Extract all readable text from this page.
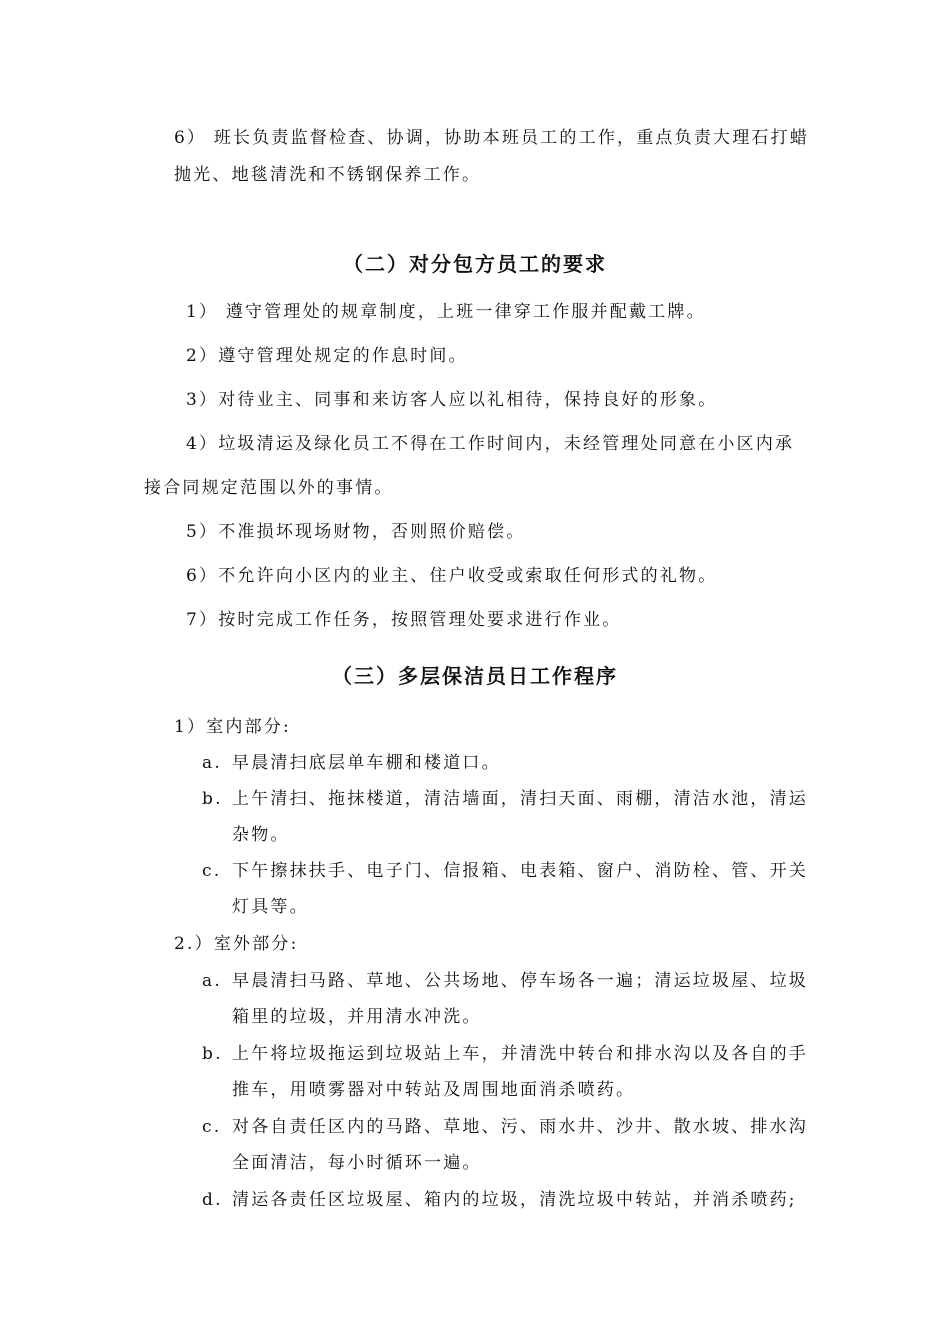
6） 班长负责监督检查、协调，协助本班员工的工作，重点负责大理石打蜡
抛光、地毯清洗和不锈钢保养工作。
（二）对分包方员工的要求
1） 遵守管理处的规章制度，上班一律穿工作服并配戴工牌。
2）遵守管理处规定的作息时间。
3）对待业主、同事和来访客人应以礼相待，保持良好的形象。
4）垃圾清运及绿化员工不得在工作时间内，未经管理处同意在小区内承
接合同规定范围以外的事情。
5）不准损坏现场财物，否则照价赔偿。
6）不允许向小区内的业主、住户收受或索取任何形式的礼物。
7）按时完成工作任务，按照管理处要求进行作业。
（三）多层保洁员日工作程序
1）室内部分:
a. 早晨清扫底层单车棚和楼道口。
b. 上午清扫、拖抹楼道，清洁墙面，清扫天面、雨棚，清洁水池，清运
杂物。
c. 下午擦抹扶手、电子门、信报箱、电表箱、窗户、消防栓、管、开关
灯具等。
2.）室外部分:
a. 早晨清扫马路、草地、公共场地、停车场各一遍；清运垃圾屋、垃圾
箱里的垃圾，并用清水冲洗。
b. 上午将垃圾拖运到垃圾站上车，并清洗中转台和排水沟以及各自的手
推车，用喷雾器对中转站及周围地面消杀喷药。
c. 对各自责任区内的马路、草地、污、雨水井、沙井、散水坡、排水沟
全面清洁，每小时循环一遍。
d. 清运各责任区垃圾屋、箱内的垃圾，清洗垃圾中转站，并消杀喷药;
